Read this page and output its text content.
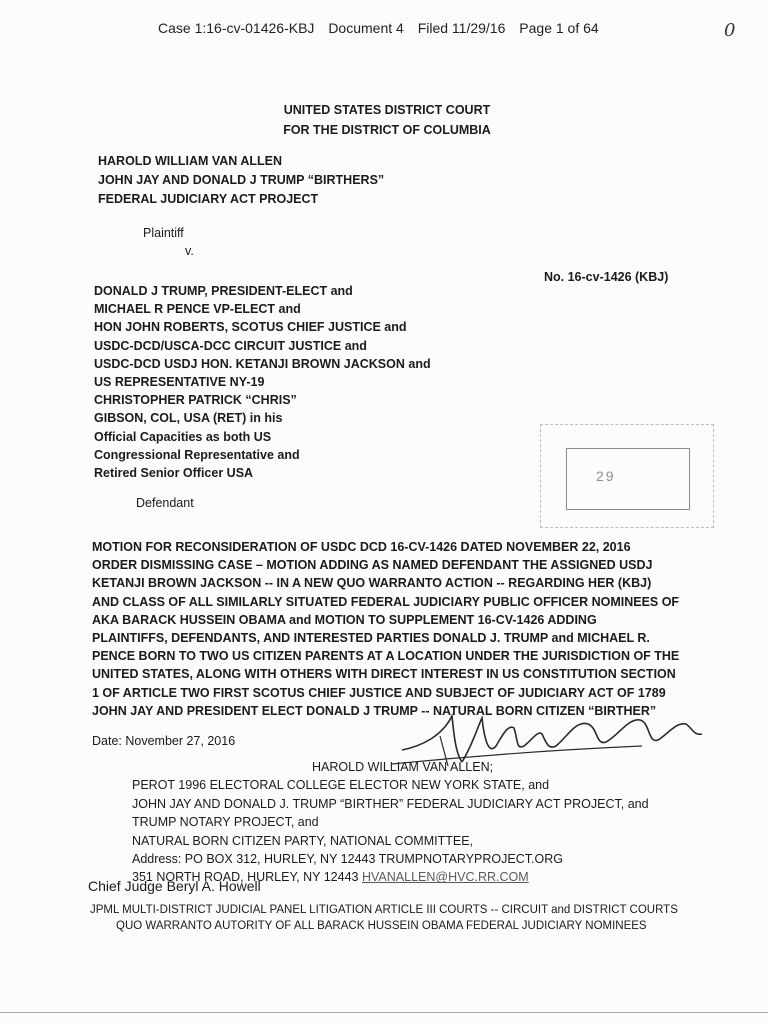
Case 1:16-cv-01426-KBJ Document 4 Filed 11/29/16 Page 1 of 64	0
UNITED STATES DISTRICT COURT
FOR THE DISTRICT OF COLUMBIA
HAROLD WILLIAM VAN ALLEN
JOHN JAY AND DONALD J TRUMP “BIRTHERS”
FEDERAL JUDICIARY ACT PROJECT
Plaintiff
v.
No. 16-cv-1426 (KBJ)
DONALD J TRUMP, PRESIDENT-ELECT and
MICHAEL R PENCE VP-ELECT and
HON JOHN ROBERTS, SCOTUS CHIEF JUSTICE and
USDC-DCD/USCA-DCC CIRCUIT JUSTICE and
USDC-DCD USDJ HON. KETANJI BROWN JACKSON and
US REPRESENTATIVE NY-19
CHRISTOPHER PATRICK “CHRIS”
GIBSON, COL, USA (RET) in his
Official Capacities as both US
Congressional Representative and
Retired Senior Officer USA
Defendant

29
MOTION FOR RECONSIDERATION OF USDC DCD 16-CV-1426 DATED NOVEMBER 22, 2016
ORDER DISMISSING CASE – MOTION ADDING AS NAMED DEFENDANT THE ASSIGNED USDJ
KETANJI BROWN JACKSON -- IN A NEW QUO WARRANTO ACTION -- REGARDING HER (KBJ)
AND CLASS OF ALL SIMILARLY SITUATED FEDERAL JUDICIARY PUBLIC OFFICER NOMINEES OF
AKA BARACK HUSSEIN OBAMA and MOTION TO SUPPLEMENT 16-CV-1426 ADDING
PLAINTIFFS, DEFENDANTS, AND INTERESTED PARTIES DONALD J. TRUMP and MICHAEL R.
PENCE BORN TO TWO US CITIZEN PARENTS AT A LOCATION UNDER THE JURISDICTION OF THE
UNITED STATES, ALONG WITH OTHERS WITH DIRECT INTEREST IN US CONSTITUTION SECTION
1 OF ARTICLE TWO FIRST SCOTUS CHIEF JUSTICE AND SUBJECT OF JUDICIARY ACT OF 1789
JOHN JAY AND PRESIDENT ELECT DONALD J TRUMP -- NATURAL BORN CITIZEN “BIRTHER”
Date: November 27, 2016
HAROLD WILLIAM VAN ALLEN;
PEROT 1996 ELECTORAL COLLEGE ELECTOR NEW YORK STATE, and
JOHN JAY AND DONALD J. TRUMP “BIRTHER” FEDERAL JUDICIARY ACT PROJECT, and
TRUMP NOTARY PROJECT, and
NATURAL BORN CITIZEN PARTY, NATIONAL COMMITTEE,
Address: PO BOX 312, HURLEY, NY 12443 TRUMPNOTARYPROJECT.ORG
351 NORTH ROAD, HURLEY, NY 12443 HVANALLEN@HVC.RR.COM
Chief Judge Beryl A. Howell
JPML MULTI-DISTRICT JUDICIAL PANEL LITIGATION ARTICLE III COURTS -- CIRCUIT and DISTRICT COURTS
QUO WARRANTO AUTORITY OF ALL BARACK HUSSEIN OBAMA FEDERAL JUDICIARY NOMINEES
